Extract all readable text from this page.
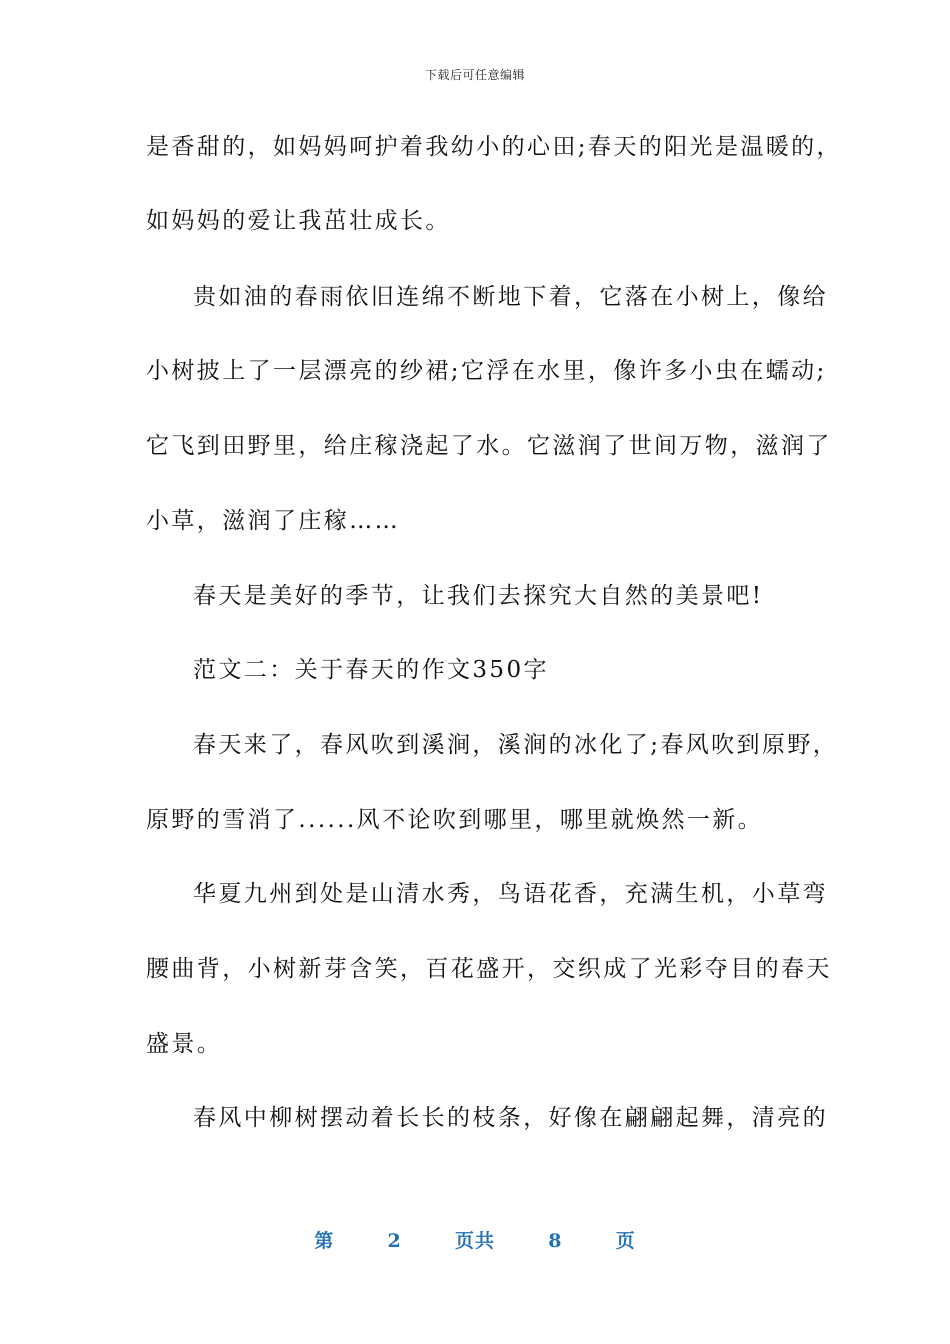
下载后可任意编辑
是香甜的，如妈妈呵护着我幼小的心田;春天的阳光是温暖的，
如妈妈的爱让我茁壮成长。
贵如油的春雨依旧连绵不断地下着，它落在小树上，像给
小树披上了一层漂亮的纱裙;它浮在水里，像许多小虫在蠕动;
它飞到田野里，给庄稼浇起了水。它滋润了世间万物，滋润了
小草，滋润了庄稼……
春天是美好的季节，让我们去探究大自然的美景吧!
范文二：关于春天的作文350字
春天来了，春风吹到溪涧，溪涧的冰化了;春风吹到原野，
原野的雪消了......风不论吹到哪里，哪里就焕然一新。
华夏九州到处是山清水秀，鸟语花香，充满生机，小草弯
腰曲背，小树新芽含笑，百花盛开，交织成了光彩夺目的春天
盛景。
春风中柳树摆动着长长的枝条，好像在翩翩起舞，清亮的
第	2	页共	8	页
